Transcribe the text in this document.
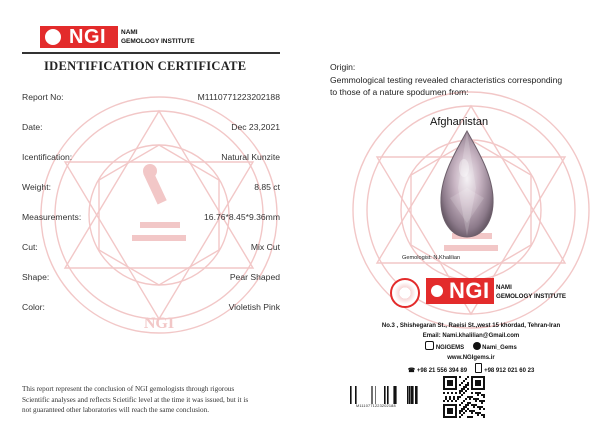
NGI
NGI NAMI
GEMOLOGY INSTITUTE
IDENTIFICATION CERTIFICATE
Report No:	M1110771223202188
Date:	Dec 23,2021
Icentification:	Natural Kunzite
Weight:	8.85 ct
Measurements:	16.76*8.45*9.36mm
Cut:	Mix Cut
Shape:	Pear Shaped
Color:	Violetish Pink
This report represent the conclusion of NGI gemologists through rigorous
Scientific analyses and reflects Scietific level at the time it was issued, but it is
not guaranteed other laboratories will reach the same conclusion.
Origin:
Gemmological testing revealed characteristics corresponding
to those of a nature spodumen from:
Afghanistan
Gemologist: N.Khalilian
NGI NAMI
GEMOLOGY INSTITUTE
No.3 , Shishegaran St., Raeisi St.,west 15 khordad, Tehran-Iran
Email: Nami.khalilian@Gmail.com
NGIGEMS	Nami_Gems
www.NGIgems.ir
☎ +98 21 556 394 89	+98 912 021 60 23
M1110771223202188
